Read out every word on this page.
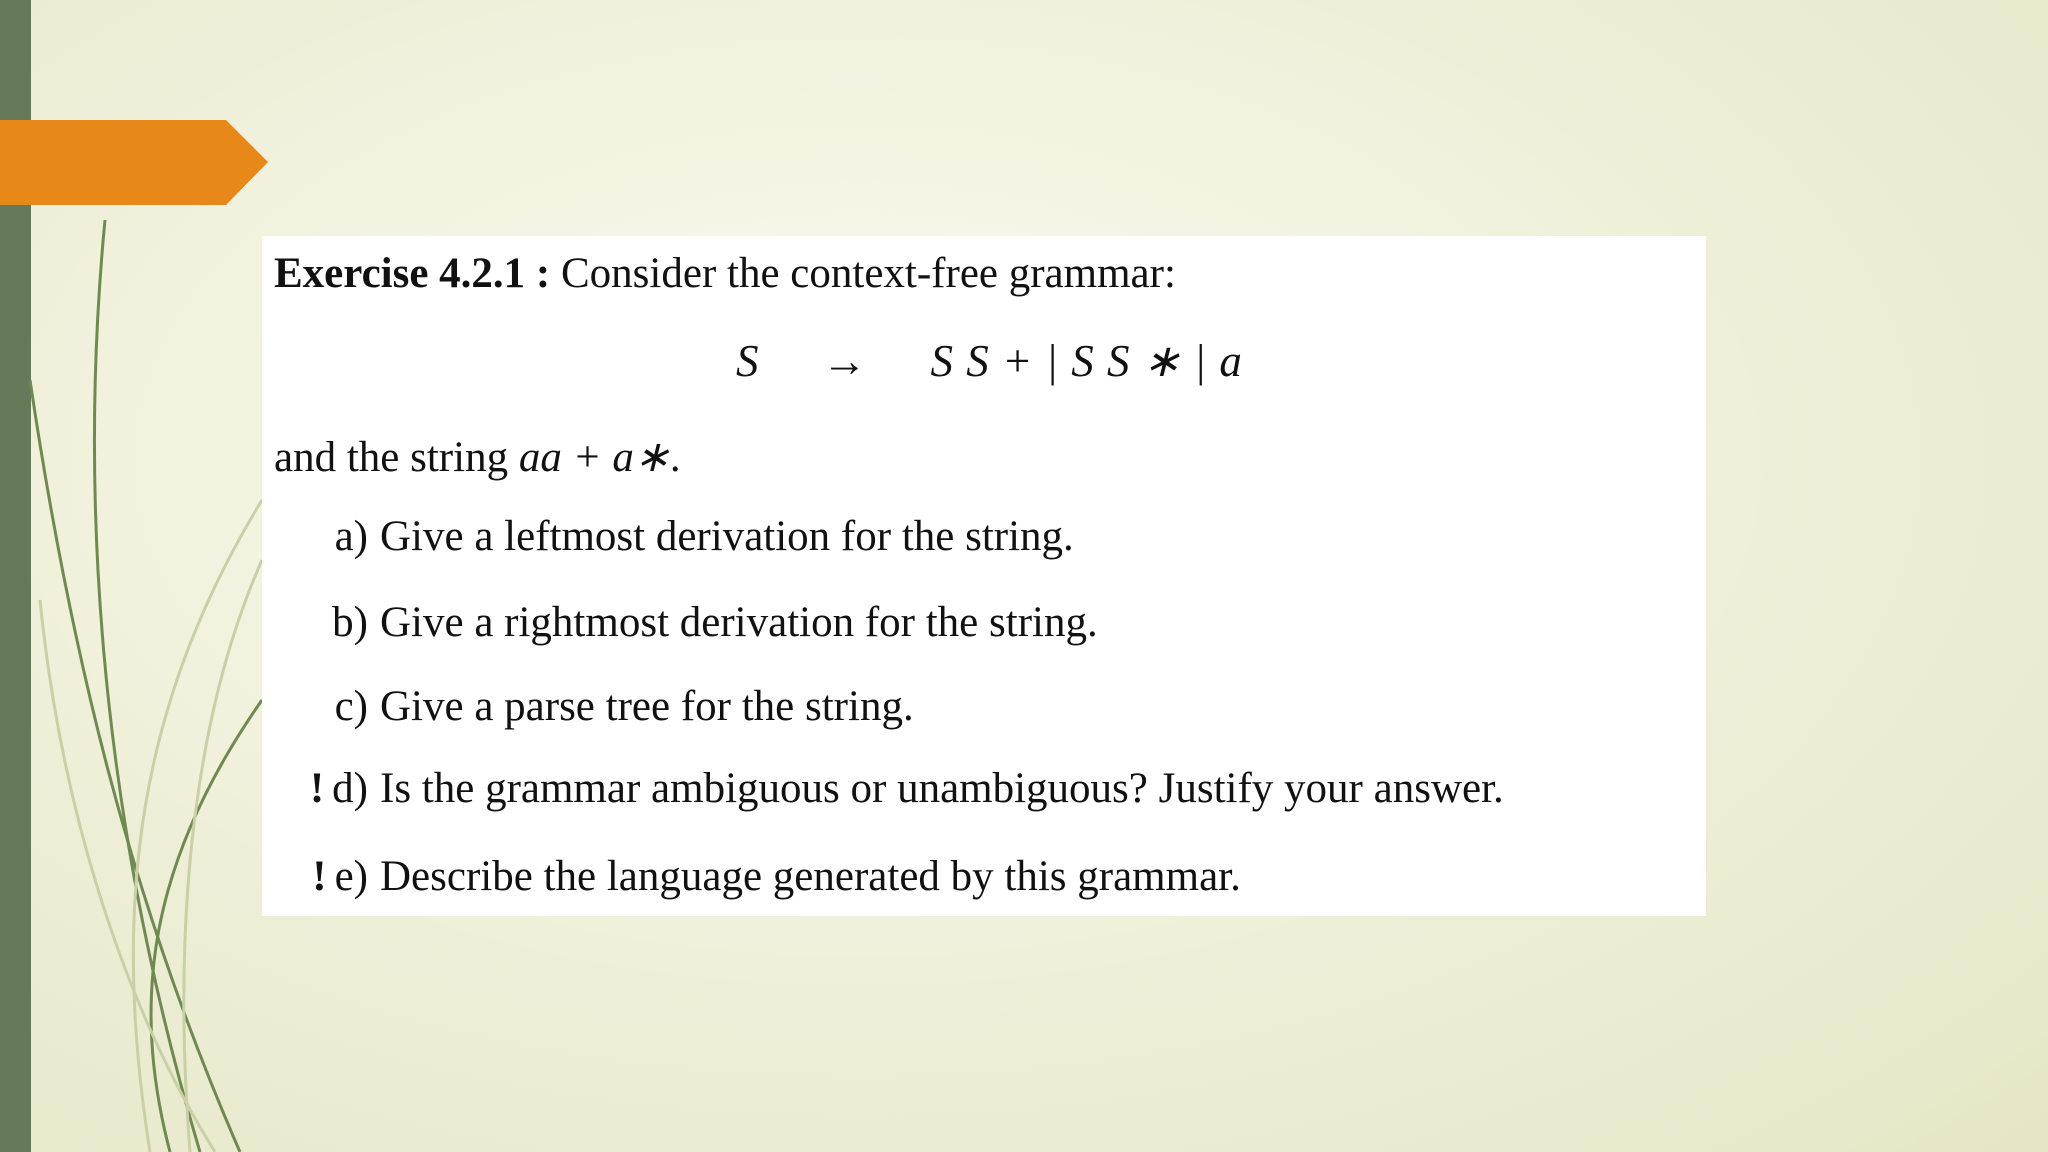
Exercise 4.2.1 : Consider the context-free grammar:
S → S S + | S S ∗ | a
and the string aa + a∗.
a) Give a leftmost derivation for the string.
b) Give a rightmost derivation for the string.
c) Give a parse tree for the string.
! d) Is the grammar ambiguous or unambiguous? Justify your answer.
! e) Describe the language generated by this grammar.
